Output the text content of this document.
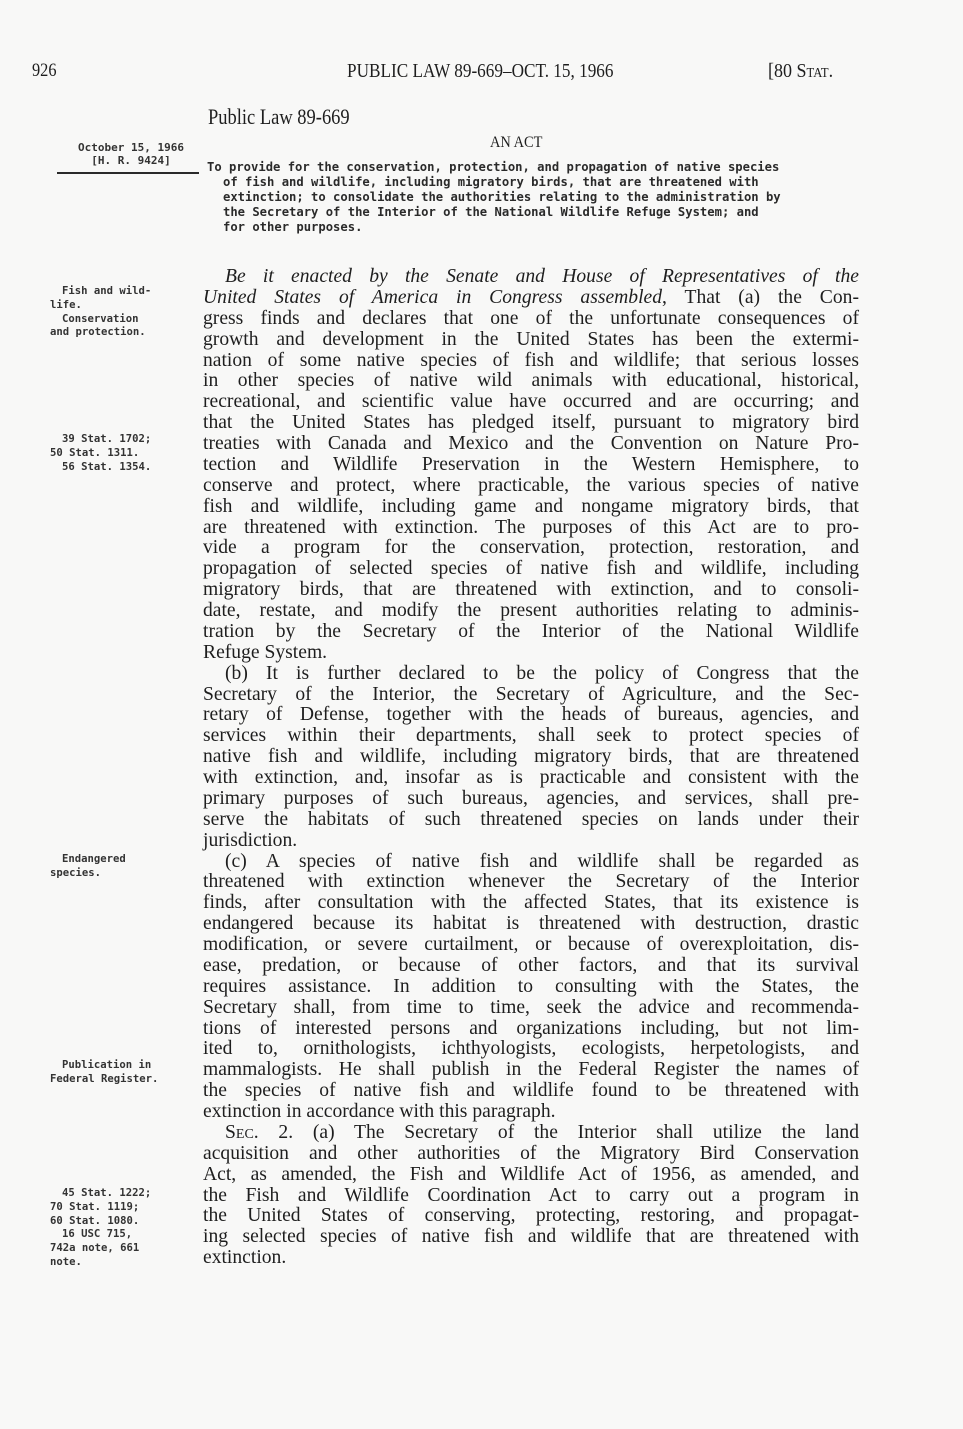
926	PUBLIC LAW 89-669–OCT. 15, 1966	[80 Stat.
Public Law 89-669
AN ACT
October 15, 1966
[H. R. 9424]	To provide for the conservation, protection, and propagation of native species
of fish and wildlife, including migratory birds, that are threatened with
extinction; to consolidate the authorities relating to the administration by
the Secretary of the Interior of the National Wildlife Refuge System; and
for other purposes.
Fish and wild-
life.
Conservation
and protection.
39 Stat. 1702;
50 Stat. 1311.
56 Stat. 1354.
Endangered
species.
Publication in
Federal Register.
45 Stat. 1222;
70 Stat. 1119;
60 Stat. 1080.
16 USC 715,
742a note, 661
note.
Be it enacted by the Senate and House of Representatives of the
United States of America in Congress assembled, That (a) the Con-
gress finds and declares that one of the unfortunate consequences of
growth and development in the United States has been the extermi-
nation of some native species of fish and wildlife; that serious losses
in other species of native wild animals with educational, historical,
recreational, and scientific value have occurred and are occurring; and
that the United States has pledged itself, pursuant to migratory bird
treaties with Canada and Mexico and the Convention on Nature Pro-
tection and Wildlife Preservation in the Western Hemisphere, to
conserve and protect, where practicable, the various species of native
fish and wildlife, including game and nongame migratory birds, that
are threatened with extinction. The purposes of this Act are to pro-
vide a program for the conservation, protection, restoration, and
propagation of selected species of native fish and wildlife, including
migratory birds, that are threatened with extinction, and to consoli-
date, restate, and modify the present authorities relating to adminis-
tration by the Secretary of the Interior of the National Wildlife
Refuge System.
(b) It is further declared to be the policy of Congress that the
Secretary of the Interior, the Secretary of Agriculture, and the Sec-
retary of Defense, together with the heads of bureaus, agencies, and
services within their departments, shall seek to protect species of
native fish and wildlife, including migratory birds, that are threatened
with extinction, and, insofar as is practicable and consistent with the
primary purposes of such bureaus, agencies, and services, shall pre-
serve the habitats of such threatened species on lands under their
jurisdiction.
(c) A species of native fish and wildlife shall be regarded as
threatened with extinction whenever the Secretary of the Interior
finds, after consultation with the affected States, that its existence is
endangered because its habitat is threatened with destruction, drastic
modification, or severe curtailment, or because of overexploitation, dis-
ease, predation, or because of other factors, and that its survival
requires assistance. In addition to consulting with the States, the
Secretary shall, from time to time, seek the advice and recommenda-
tions of interested persons and organizations including, but not lim-
ited to, ornithologists, ichthyologists, ecologists, herpetologists, and
mammalogists. He shall publish in the Federal Register the names of
the species of native fish and wildlife found to be threatened with
extinction in accordance with this paragraph.
Sec. 2. (a) The Secretary of the Interior shall utilize the land
acquisition and other authorities of the Migratory Bird Conservation
Act, as amended, the Fish and Wildlife Act of 1956, as amended, and
the Fish and Wildlife Coordination Act to carry out a program in
the United States of conserving, protecting, restoring, and propagat-
ing selected species of native fish and wildlife that are threatened with
extinction.
